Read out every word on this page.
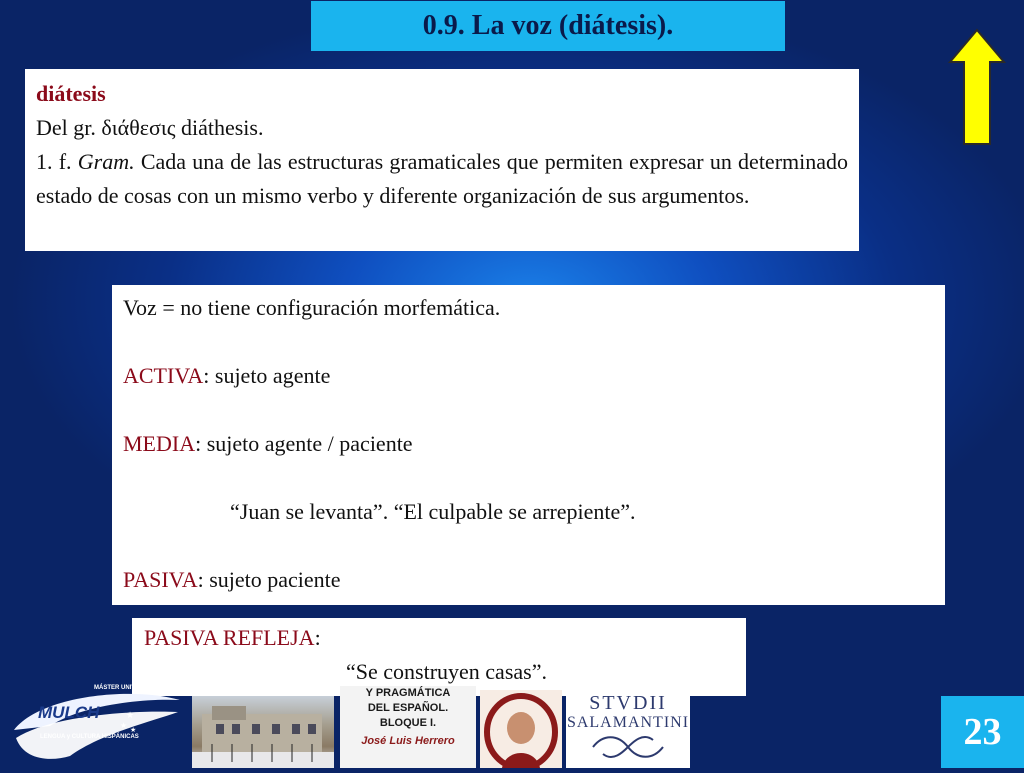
0.9. La voz (diátesis).
diátesis
Del gr. διάθεσις diáthesis.
1. f. Gram. Cada una de las estructuras gramaticales que permiten expresar un determinado estado de cosas con un mismo verbo y diferente organización de sus argumentos.
Voz = no tiene configuración morfemática.
ACTIVA: sujeto agente
MEDIA: sujeto agente / paciente
“Juan se levanta”. “El culpable se arrepiente”.
PASIVA: sujeto paciente
PASIVA REFLEJA:
“Se construyen casas”.
MÁSTER UNIVERSITARIO
MULCH
LENGUA y CULTURA HISPÁNICAS
★
★ ★
Y PRAGMÁTICA
DEL ESPAÑOL.
BLOQUE I.
José Luis Herrero
STVDII
SALAMANTINI	23
